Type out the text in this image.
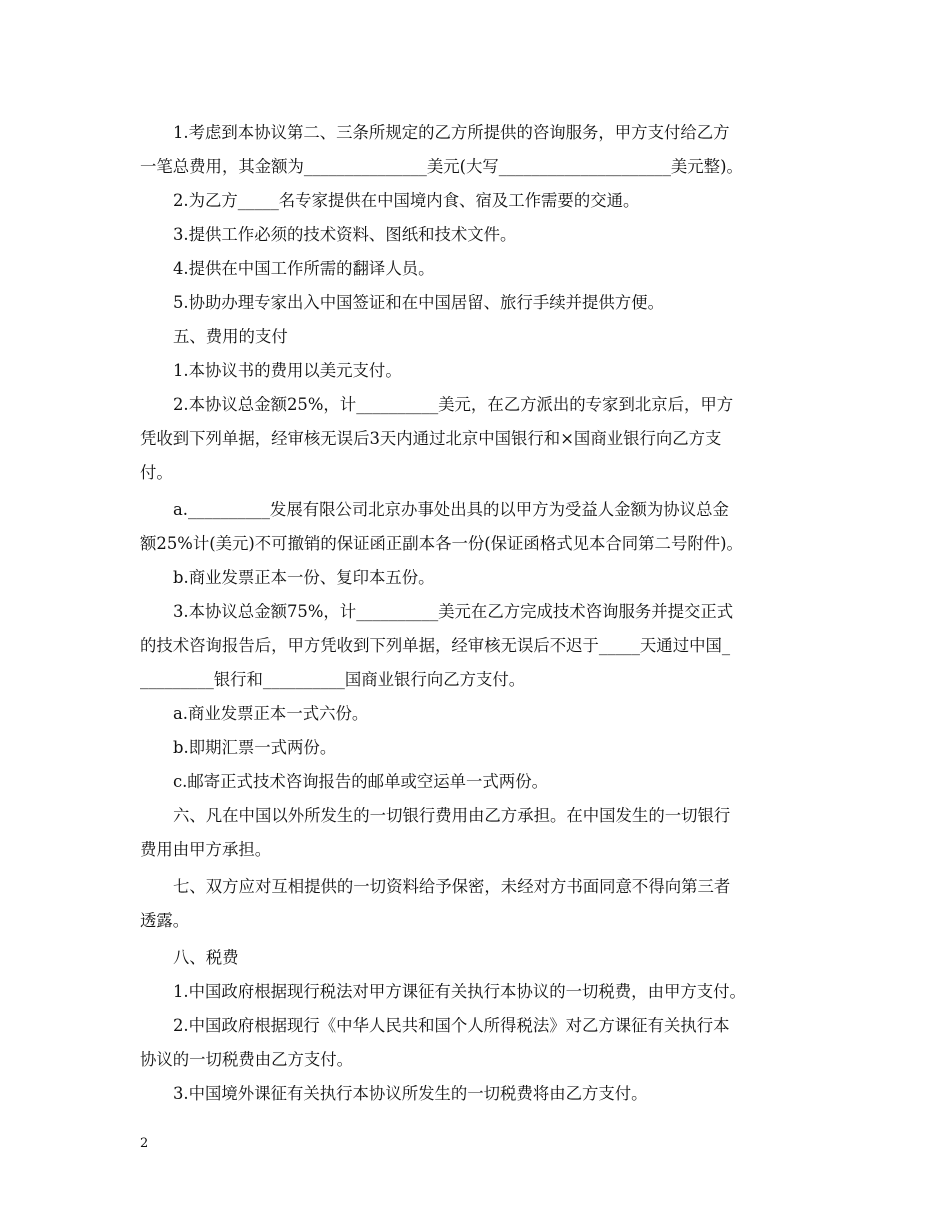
1.考虑到本协议第二、三条所规定的乙方所提供的咨询服务，甲方支付给乙方
一笔总费用，其金额为_______________美元(大写_____________________美元整)。
2.为乙方_____名专家提供在中国境内食、宿及工作需要的交通。
3.提供工作必须的技术资料、图纸和技术文件。
4.提供在中国工作所需的翻译人员。
5.协助办理专家出入中国签证和在中国居留、旅行手续并提供方便。
五、费用的支付
1.本协议书的费用以美元支付。
2.本协议总金额25%，计__________美元，在乙方派出的专家到北京后，甲方
凭收到下列单据，经审核无误后3天内通过北京中国银行和×国商业银行向乙方支
付。
a.__________发展有限公司北京办事处出具的以甲方为受益人金额为协议总金
额25%计(美元)不可撤销的保证函正副本各一份(保证函格式见本合同第二号附件)。
b.商业发票正本一份、复印本五份。
3.本协议总金额75%，计__________美元在乙方完成技术咨询服务并提交正式
的技术咨询报告后，甲方凭收到下列单据，经审核无误后不迟于_____天通过中国_
_________银行和__________国商业银行向乙方支付。
a.商业发票正本一式六份。
b.即期汇票一式两份。
c.邮寄正式技术咨询报告的邮单或空运单一式两份。
六、凡在中国以外所发生的一切银行费用由乙方承担。在中国发生的一切银行
费用由甲方承担。
七、双方应对互相提供的一切资料给予保密，未经对方书面同意不得向第三者
透露。
八、税费
1.中国政府根据现行税法对甲方课征有关执行本协议的一切税费，由甲方支付。
2.中国政府根据现行《中华人民共和国个人所得税法》对乙方课征有关执行本
协议的一切税费由乙方支付。
3.中国境外课征有关执行本协议所发生的一切税费将由乙方支付。
2
